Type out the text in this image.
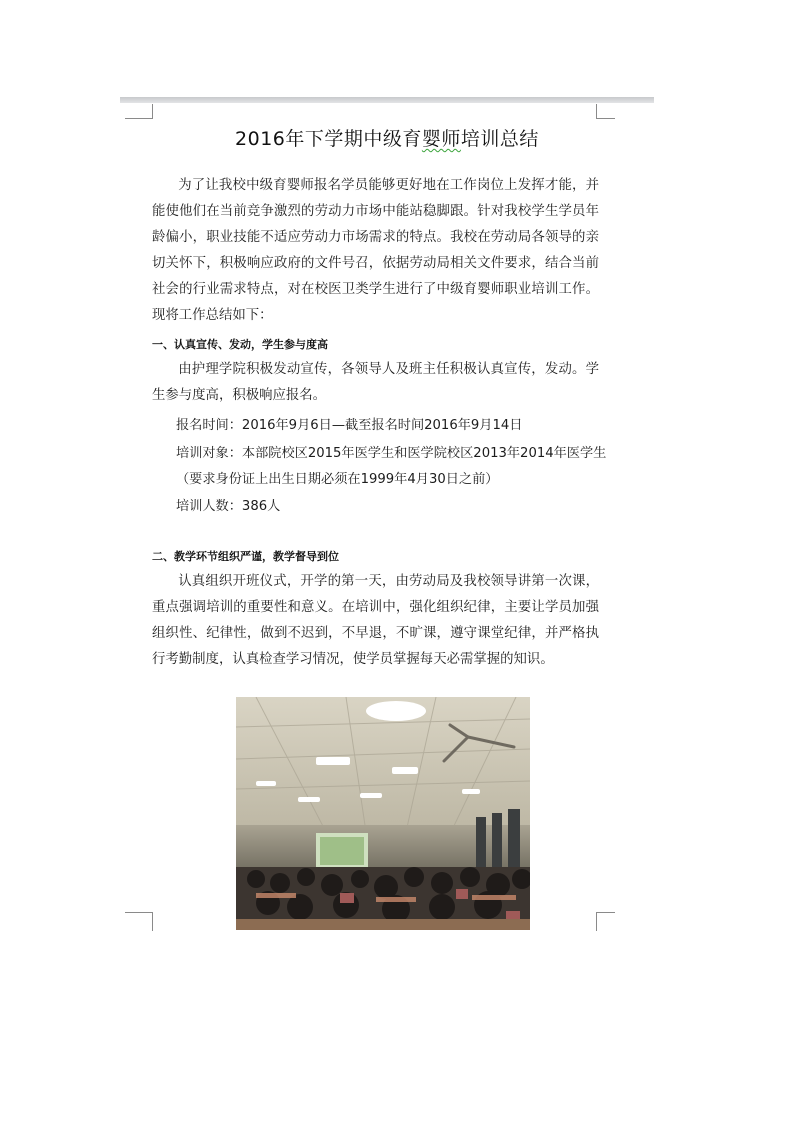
2016年下学期中级育婴师培训总结
为了让我校中级育婴师报名学员能够更好地在工作岗位上发挥才能，并能使他们在当前竞争激烈的劳动力市场中能站稳脚跟。针对我校学生学员年龄偏小，职业技能不适应劳动力市场需求的特点。我校在劳动局各领导的亲切关怀下，积极响应政府的文件号召，依据劳动局相关文件要求，结合当前社会的行业需求特点，对在校医卫类学生进行了中级育婴师职业培训工作。现将工作总结如下：
一、认真宣传、发动，学生参与度高
由护理学院积极发动宣传，各领导人及班主任积极认真宣传，发动。学生参与度高，积极响应报名。
报名时间：2016年9月6日—截至报名时间2016年9月14日
培训对象：本部院校区2015年医学生和医学院校区2013年2014年医学生
（要求身份证上出生日期必须在1999年4月30日之前）
培训人数：386人
二、教学环节组织严谨，教学督导到位
认真组织开班仪式，开学的第一天，由劳动局及我校领导讲第一次课，重点强调培训的重要性和意义。在培训中，强化组织纪律，主要让学员加强组织性、纪律性，做到不迟到，不早退，不旷课，遵守课堂纪律，并严格执行考勤制度，认真检查学习情况，使学员掌握每天必需掌握的知识。
